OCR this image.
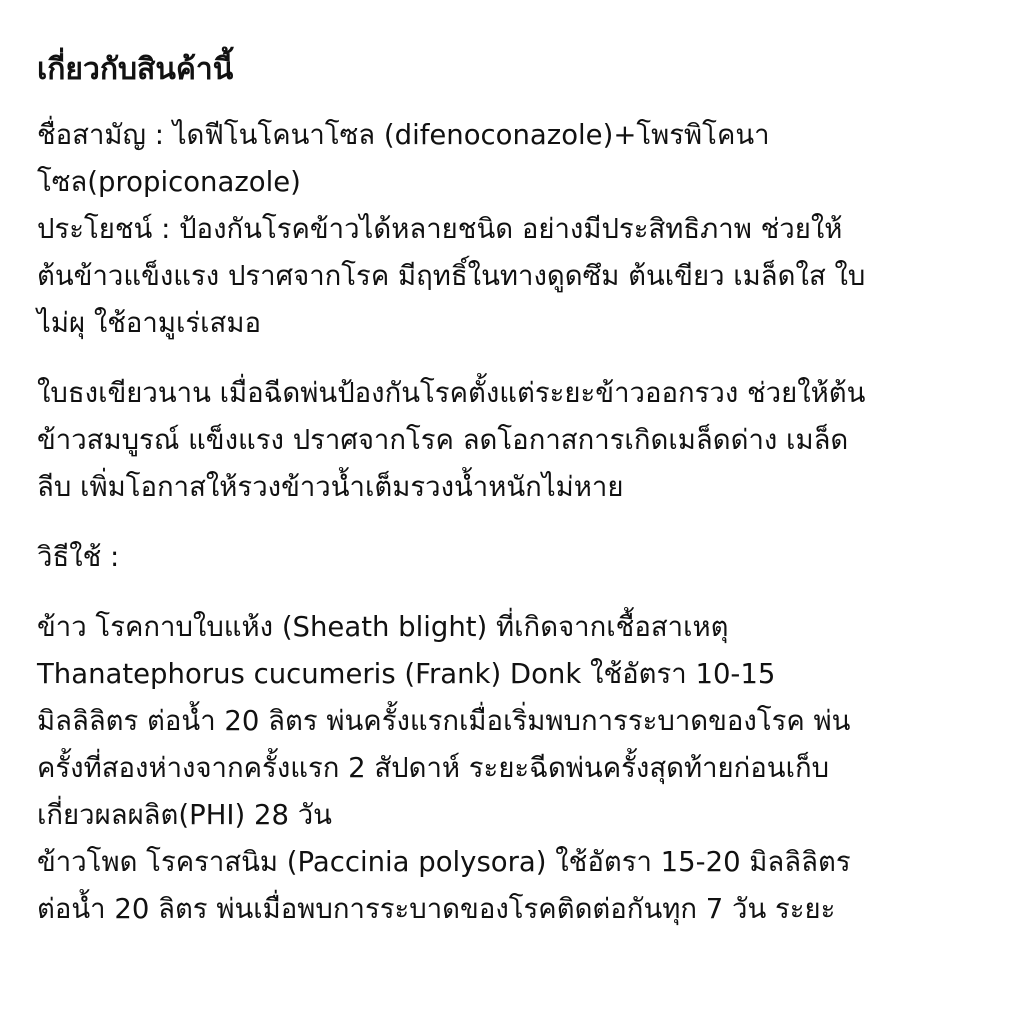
เกี่ยวกับสินค้านี้
ชื่อสามัญ : ไดฟีโนโคนาโซล (difenoconazole)+โพรพิโคนา
โซล(propiconazole)
ประโยชน์ : ป้องกันโรคข้าวได้หลายชนิด อย่างมีประสิทธิภาพ ช่วยให้
ต้นข้าวแข็งแรง ปราศจากโรค มีฤทธิ์ในทางดูดซึม ต้นเขียว เมล็ดใส ใบ
ไม่ผุ ใช้อามูเร่เสมอ
ใบธงเขียวนาน เมื่อฉีดพ่นป้องกันโรคตั้งแต่ระยะข้าวออกรวง ช่วยให้ต้น
ข้าวสมบูรณ์ แข็งแรง ปราศจากโรค ลดโอกาสการเกิดเมล็ดด่าง เมล็ด
ลีบ เพิ่มโอกาสให้รวงข้าวน้ำเต็มรวงน้ำหนักไม่หาย
วิธีใช้ :
ข้าว โรคกาบใบแห้ง (Sheath blight) ที่เกิดจากเชื้อสาเหตุ
Thanatephorus cucumeris (Frank) Donk ใช้อัตรา 10-15
มิลลิลิตร ต่อน้ำ 20 ลิตร พ่นครั้งแรกเมื่อเริ่มพบการระบาดของโรค พ่น
ครั้งที่สองห่างจากครั้งแรก 2 สัปดาห์ ระยะฉีดพ่นครั้งสุดท้ายก่อนเก็บ
เกี่ยวผลผลิต(PHI) 28 วัน
ข้าวโพด โรคราสนิม (Paccinia polysora) ใช้อัตรา 15-20 มิลลิลิตร
ต่อน้ำ 20 ลิตร พ่นเมื่อพบการระบาดของโรคติดต่อกันทุก 7 วัน ระยะ
